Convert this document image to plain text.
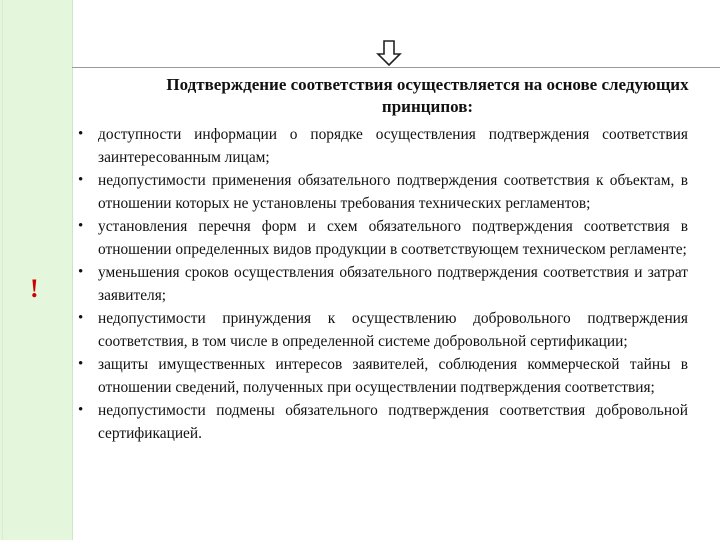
!
Подтверждение соответствия осуществляется на основе следующих принципов:
• доступности информации о порядке осуществления подтверждения соответствия заинтересованным лицам;
• недопустимости применения обязательного подтверждения соответствия к объектам, в отношении которых не установлены требования технических регламентов;
• установления перечня форм и схем обязательного подтверждения соответствия в отношении определенных видов продукции в соответствующем техническом регламенте;
• уменьшения сроков осуществления обязательного подтверждения соответствия и затрат заявителя;
• недопустимости принуждения к осуществлению добровольного подтверждения соответствия, в том числе в определенной системе добровольной сертификации;
• защиты имущественных интересов заявителей, соблюдения коммерческой тайны в отношении сведений, полученных при осуществлении подтверждения соответствия;
• недопустимости подмены обязательного подтверждения соответствия добровольной сертификацией.
